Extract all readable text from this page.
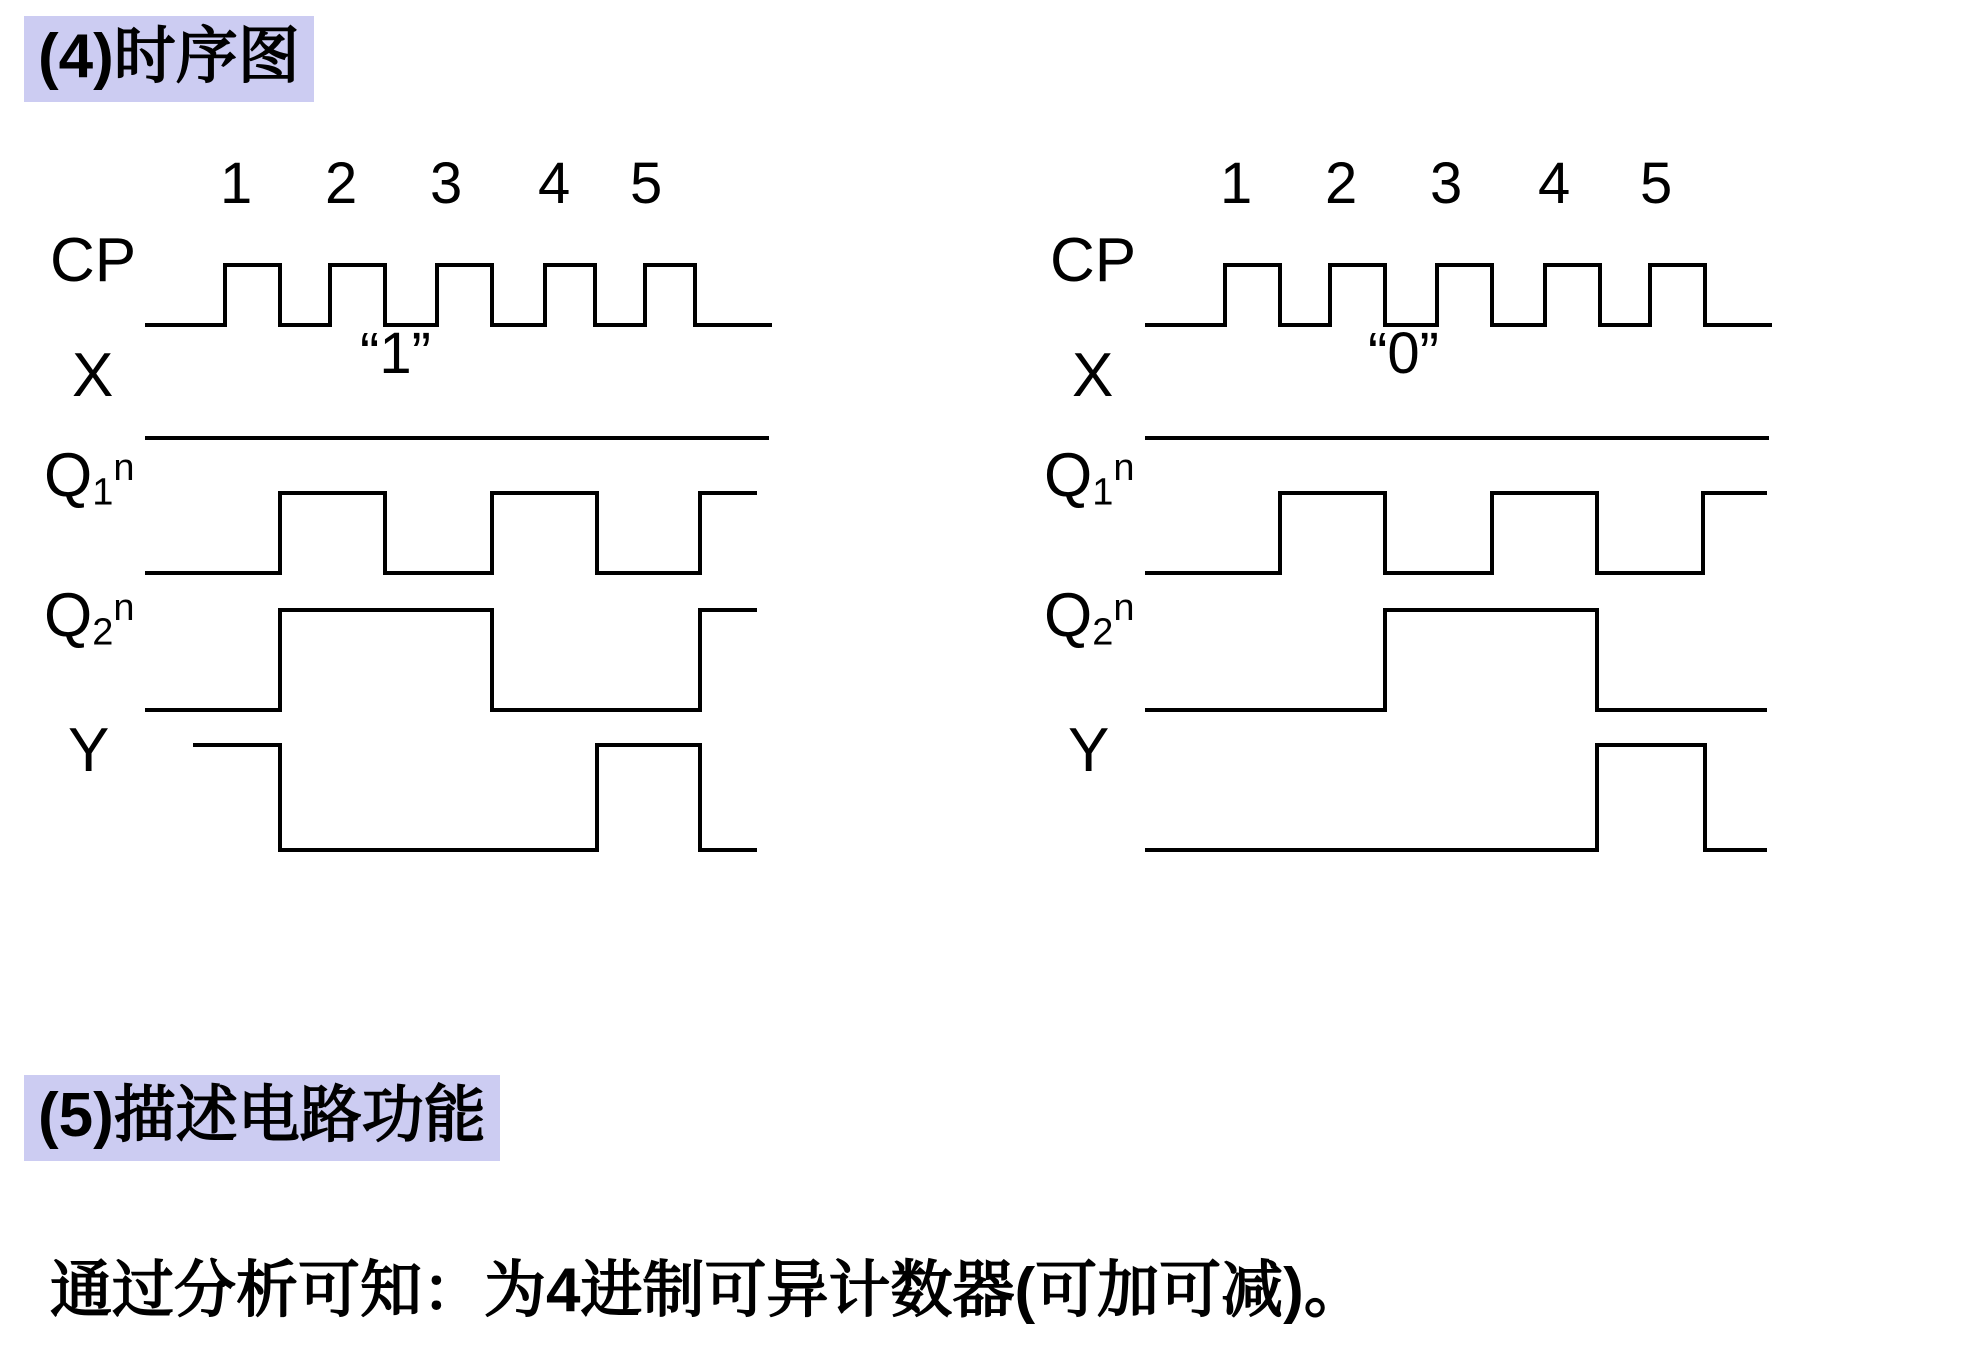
(4)时序图
1 2 3 4 5
CP
X
$Q_1^n$
$Q_2^n$
Y
“1”
1 2 3 4 5
CP
X
$Q_1^n$
$Q_2^n$
Y
“0”
(5)描述电路功能
通过分析可知：为4进制可异计数器(可加可减)。
